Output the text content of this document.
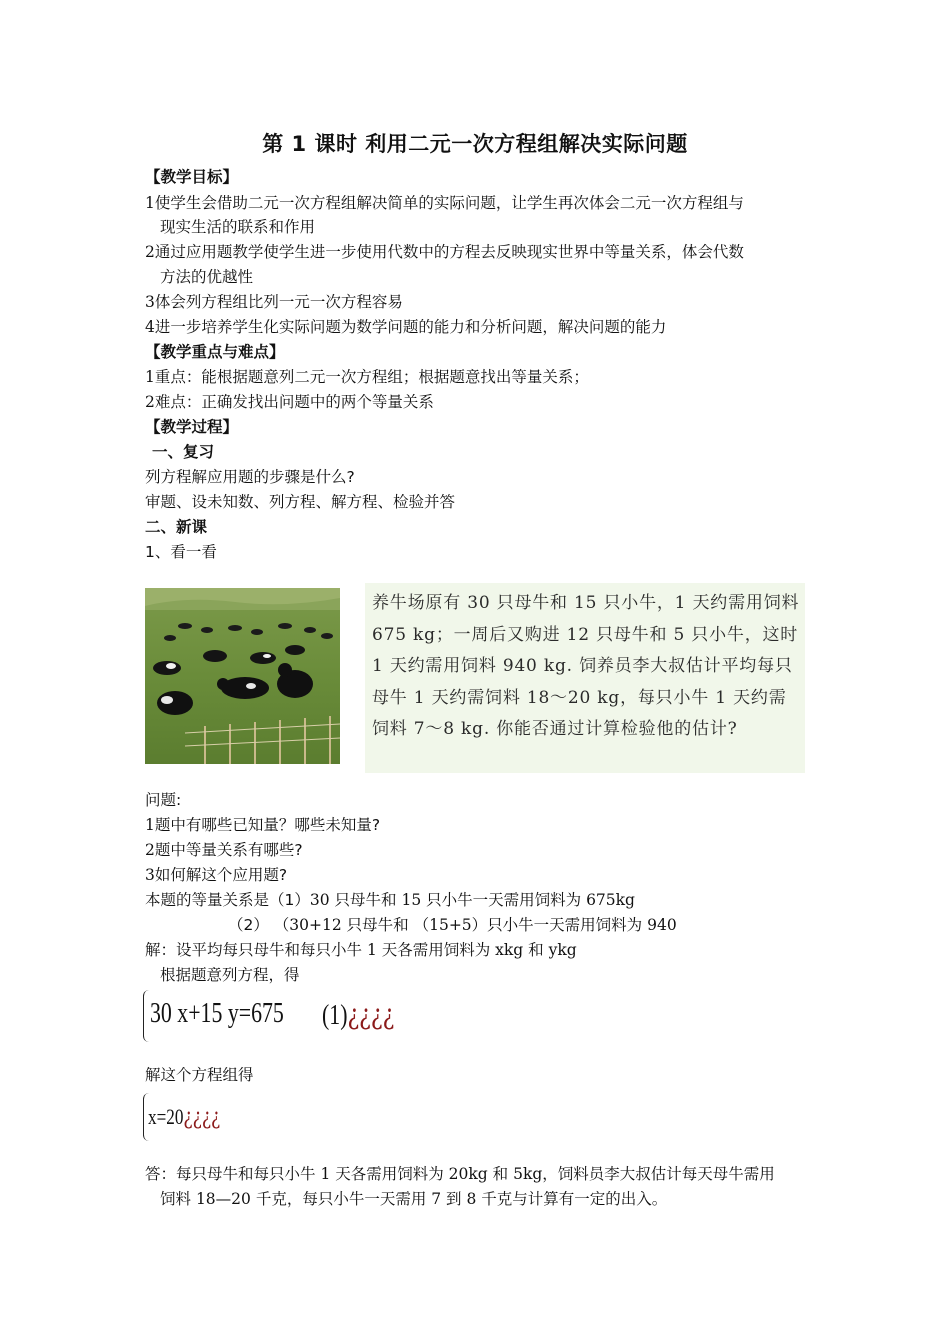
第 1 课时 利用二元一次方程组解决实际问题
【教学目标】
1使学生会借助二元一次方程组解决简单的实际问题，让学生再次体会二元一次方程组与
现实生活的联系和作用
2通过应用题教学使学生进一步使用代数中的方程去反映现实世界中等量关系，体会代数
方法的优越性
3体会列方程组比列一元一次方程容易
4进一步培养学生化实际问题为数学问题的能力和分析问题，解决问题的能力
【教学重点与难点】
1重点：能根据题意列二元一次方程组；根据题意找出等量关系；
2难点：正确发找出问题中的两个等量关系
【教学过程】
一、复习
列方程解应用题的步骤是什么?
审题、设未知数、列方程、解方程、检验并答
二、新课
1、看一看
养牛场原有 30 只母牛和 15 只小牛，1 天约需用饲料 675 kg；一周后又购进 12 只母牛和 5 只小牛，这时 1 天约需用饲料 940 kg. 饲养员李大叔估计平均每只母牛 1 天约需饲料 18～20 kg，每只小牛 1 天约需饲料 7～8 kg. 你能否通过计算检验他的估计?
问题:
1题中有哪些已知量？哪些未知量?
2题中等量关系有哪些?
3如何解这个应用题?
本题的等量关系是（1）30 只母牛和 15 只小牛一天需用饲料为 675kg
（2） （30+12 只母牛和 （15+5）只小牛一天需用饲料为 940
解：设平均每只母牛和每只小牛 1 天各需用饲料为 xkg 和 ykg
根据题意列方程，得
30 x+15 y=675 (1)¿¿¿¿
解这个方程组得
x=20¿¿¿¿
答：每只母牛和每只小牛 1 天各需用饲料为 20kg 和 5kg，饲料员李大叔估计每天母牛需用
饲料 18—20 千克，每只小牛一天需用 7 到 8 千克与计算有一定的出入。
